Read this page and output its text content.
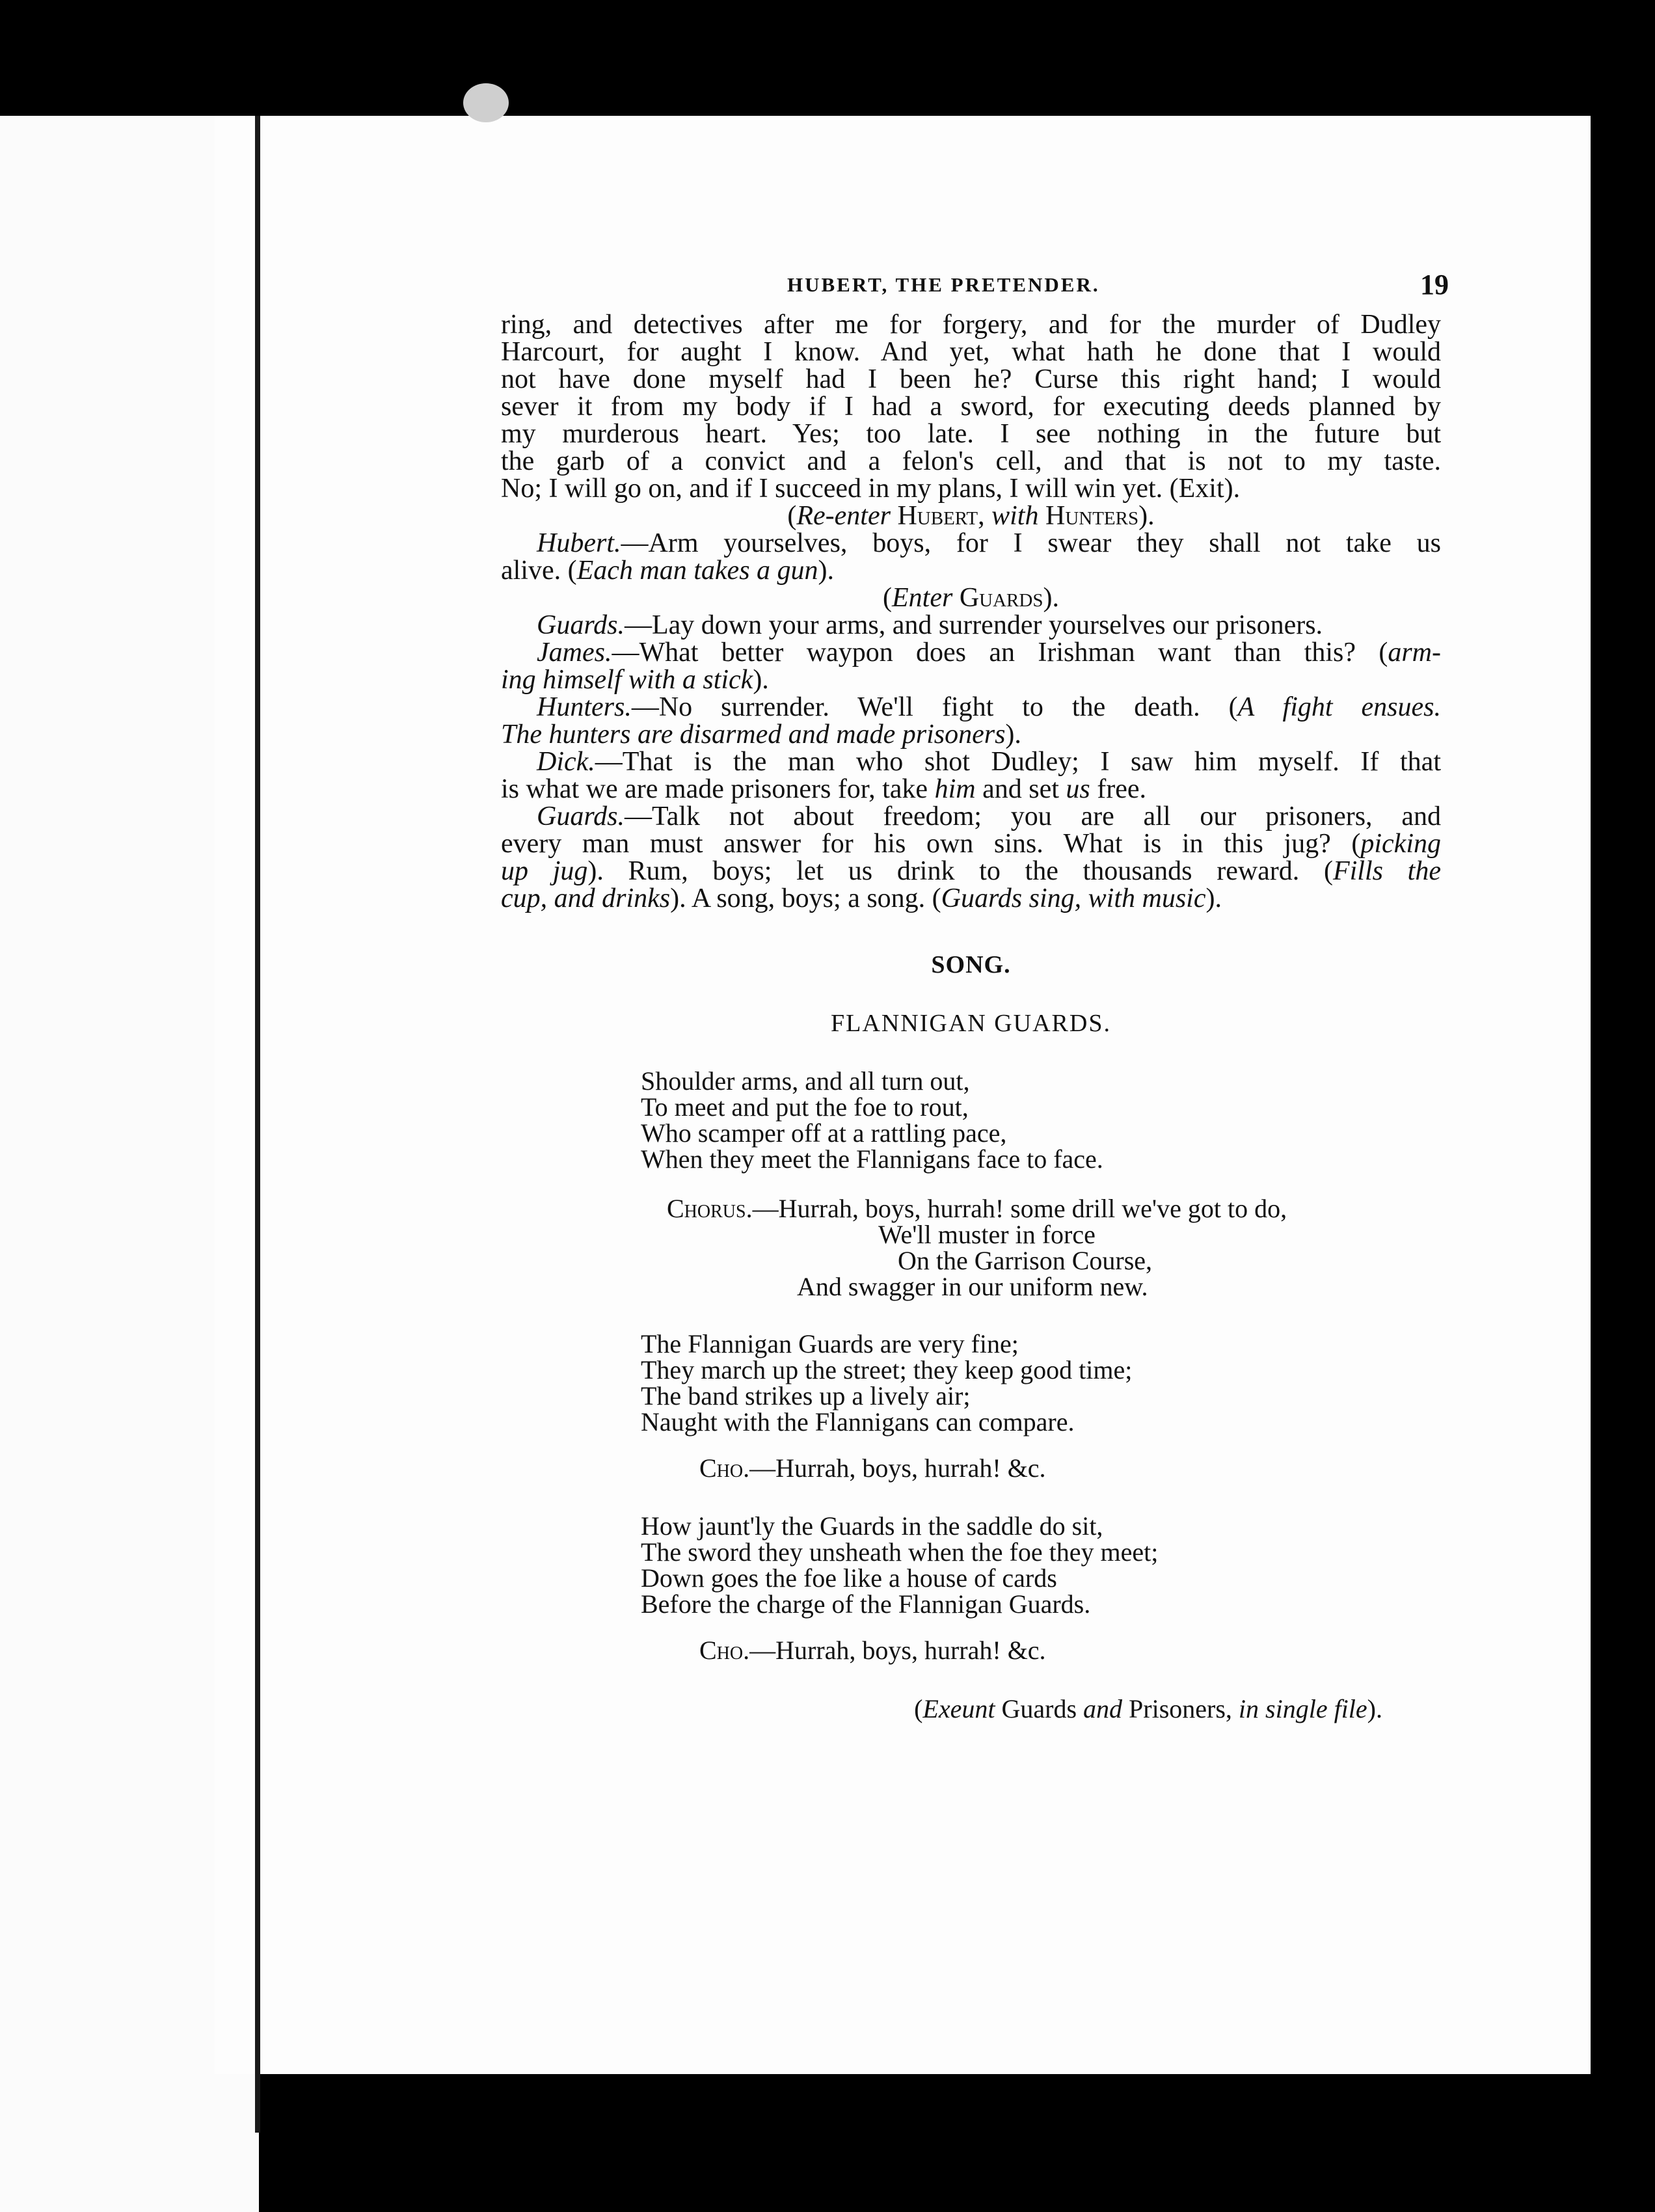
HUBERT, THE PRETENDER.	19

ring, and detectives after me for forgery, and for the murder of Dudley
Harcourt, for aught I know. And yet, what hath he done that I would
not have done myself had I been he? Curse this right hand; I would
sever it from my body if I had a sword, for executing deeds planned by
my murderous heart. Yes; too late. I see nothing in the future but
the garb of a convict and a felon's cell, and that is not to my taste.
No; I will go on, and if I succeed in my plans, I will win yet. (Exit).

(Re-enter Hubert, with Hunters).

Hubert.—Arm yourselves, boys, for I swear they shall not take us
alive. (Each man takes a gun).

(Enter Guards).

Guards.—Lay down your arms, and surrender yourselves our prisoners.

James.—What better waypon does an Irishman want than this? (arm-
ing himself with a stick).

Hunters.—No surrender. We'll fight to the death. (A fight ensues.
The hunters are disarmed and made prisoners).

Dick.—That is the man who shot Dudley; I saw him myself. If that
is what we are made prisoners for, take him and set us free.

Guards.—Talk not about freedom; you are all our prisoners, and
every man must answer for his own sins. What is in this jug? (picking
up jug). Rum, boys; let us drink to the thousands reward. (Fills the
cup, and drinks). A song, boys; a song. (Guards sing, with music).

SONG.
FLANNIGAN GUARDS.
Shoulder arms, and all turn out,
To meet and put the foe to rout,
Who scamper off at a rattling pace,
When they meet the Flannigans face to face.
Chorus.—Hurrah, boys, hurrah! some drill we've got to do,
We'll muster in force
On the Garrison Course,
And swagger in our uniform new.
The Flannigan Guards are very fine;
They march up the street; they keep good time;
The band strikes up a lively air;
Naught with the Flannigans can compare.
Cho.—Hurrah, boys, hurrah! &c.
How jaunt'ly the Guards in the saddle do sit,
The sword they unsheath when the foe they meet;
Down goes the foe like a house of cards
Before the charge of the Flannigan Guards.
Cho.—Hurrah, boys, hurrah! &c.
(Exeunt Guards and Prisoners, in single file).
